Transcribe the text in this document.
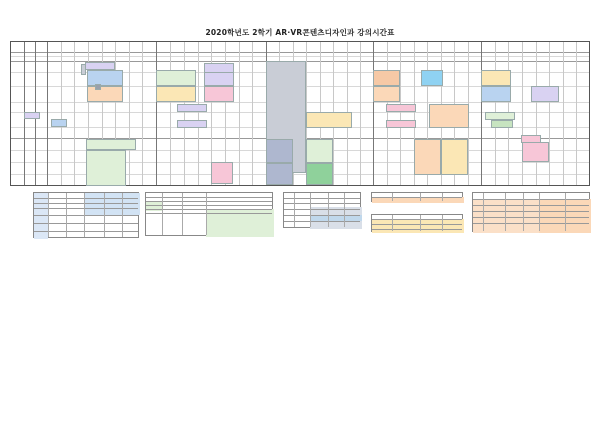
2020학년도 2학기 AR·VR콘텐츠디자인과 강의시간표
